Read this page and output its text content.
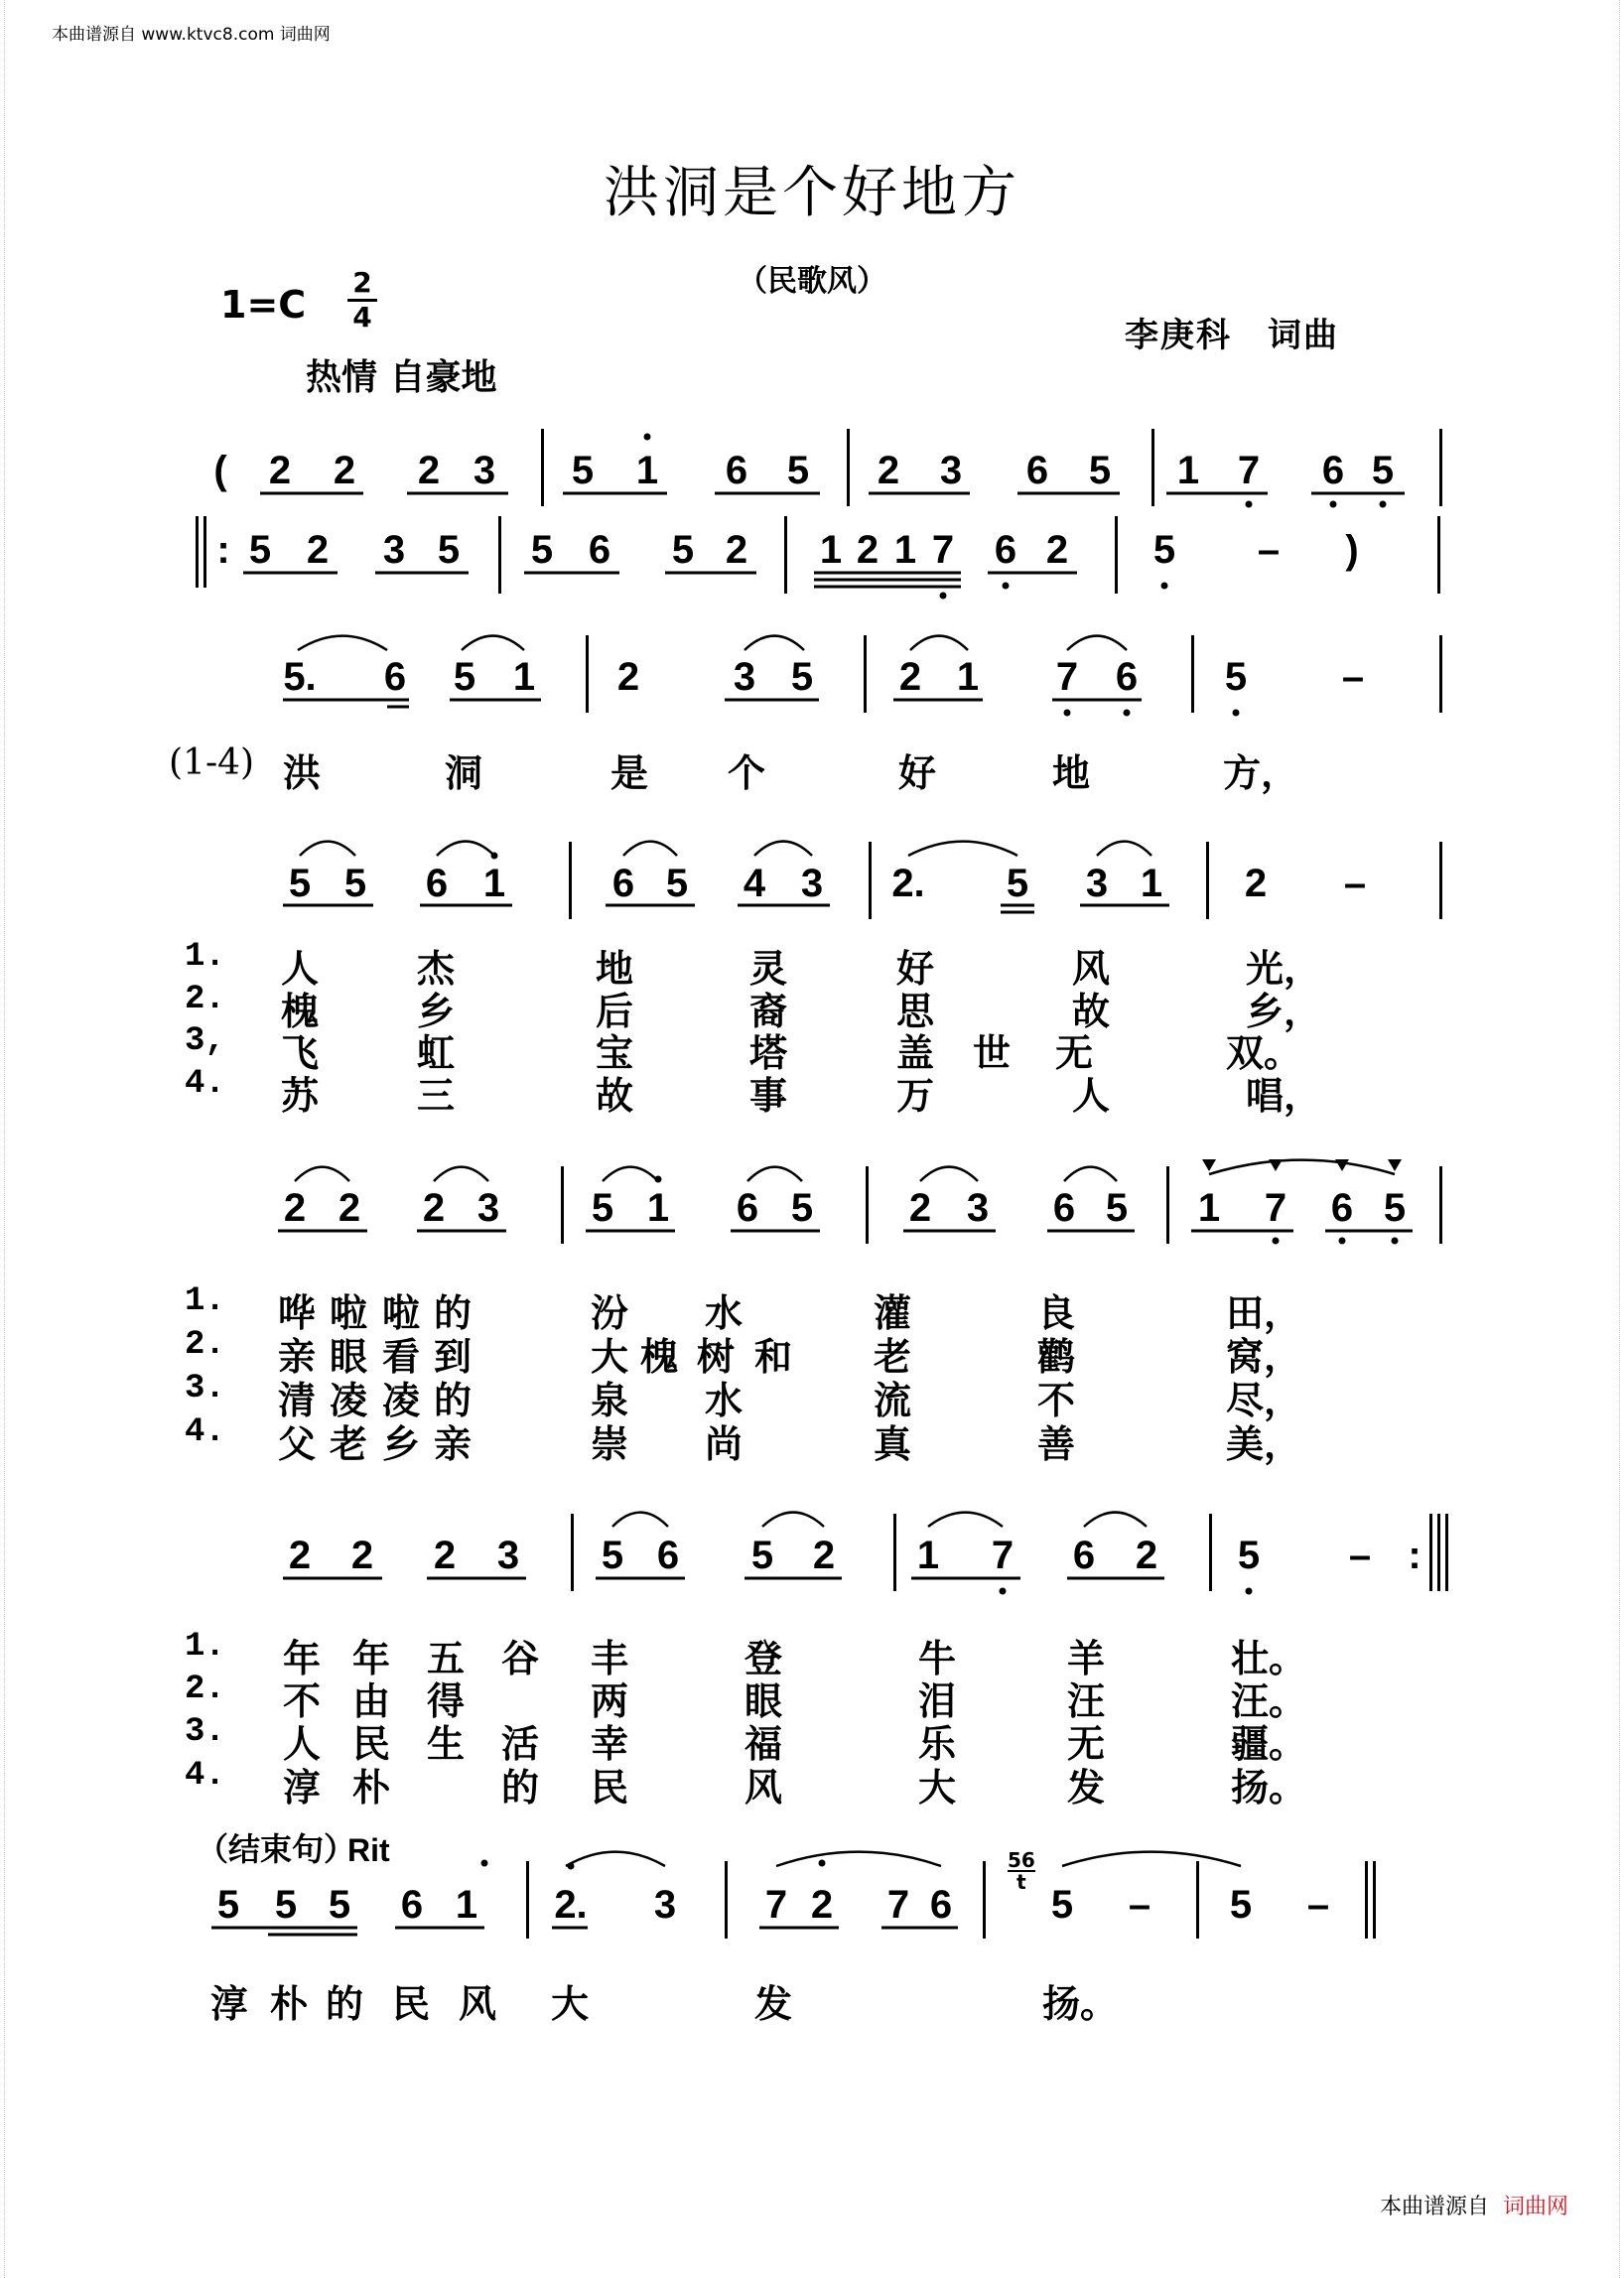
本曲谱源自 www.ktvc8.com 词曲网
洪洞是个好地方
（民歌风）
1=C
2
4	李庚科　词曲
热情 自豪地
(	2 2 2 3 5 1 6 5 2 3 6 5 1 7 6 5
: 5 2 3 5 5 6 5 2 1 2 1 7 6 2 5 –	)
5. 6 5 1 2 3 5 2 1 7 6 5 –
5 5 6 1	6 5 4 3 2. 5 3 1 2 –
2 2 2 3 5 1 6 5 2 3 6 5 1 7 6 5
2 2 2 3 5 6 5 2 1 7 6 2 5 – :
5 5 5 6 1 2. 3 7 2 7 6 5 – 5 –
56
t
洪	洞	是 个	好	地	方，
1. 人	杰	地	灵	好	风	光，
2. 槐	乡	后	裔	思	故	乡，
3, 飞	虹	宝	塔	盖 世 无	双。
4. 苏	三	故	事	万	人	唱，
1. 哗 啦 啦 的	汾 水	灌	良	田，
2. 亲 眼 看 到	大 槐 树 和 老	鹳	窝，
3. 清 凌 凌 的	泉 水	流	不	尽，
4. 父 老 乡 亲	崇 尚	真	善	美，
1. 年 年 五 谷 丰	登	牛	羊	壮。
2. 不 由 得	两	眼	泪	汪	汪。
3. 人 民 生 活 幸	福	乐	无	疆。
4. 淳 朴	的 民	风	大	发	扬。
淳 朴 的 民 风 大	发	扬。
(1-4)
（结束句）
Rit
本曲谱源自 词曲网
